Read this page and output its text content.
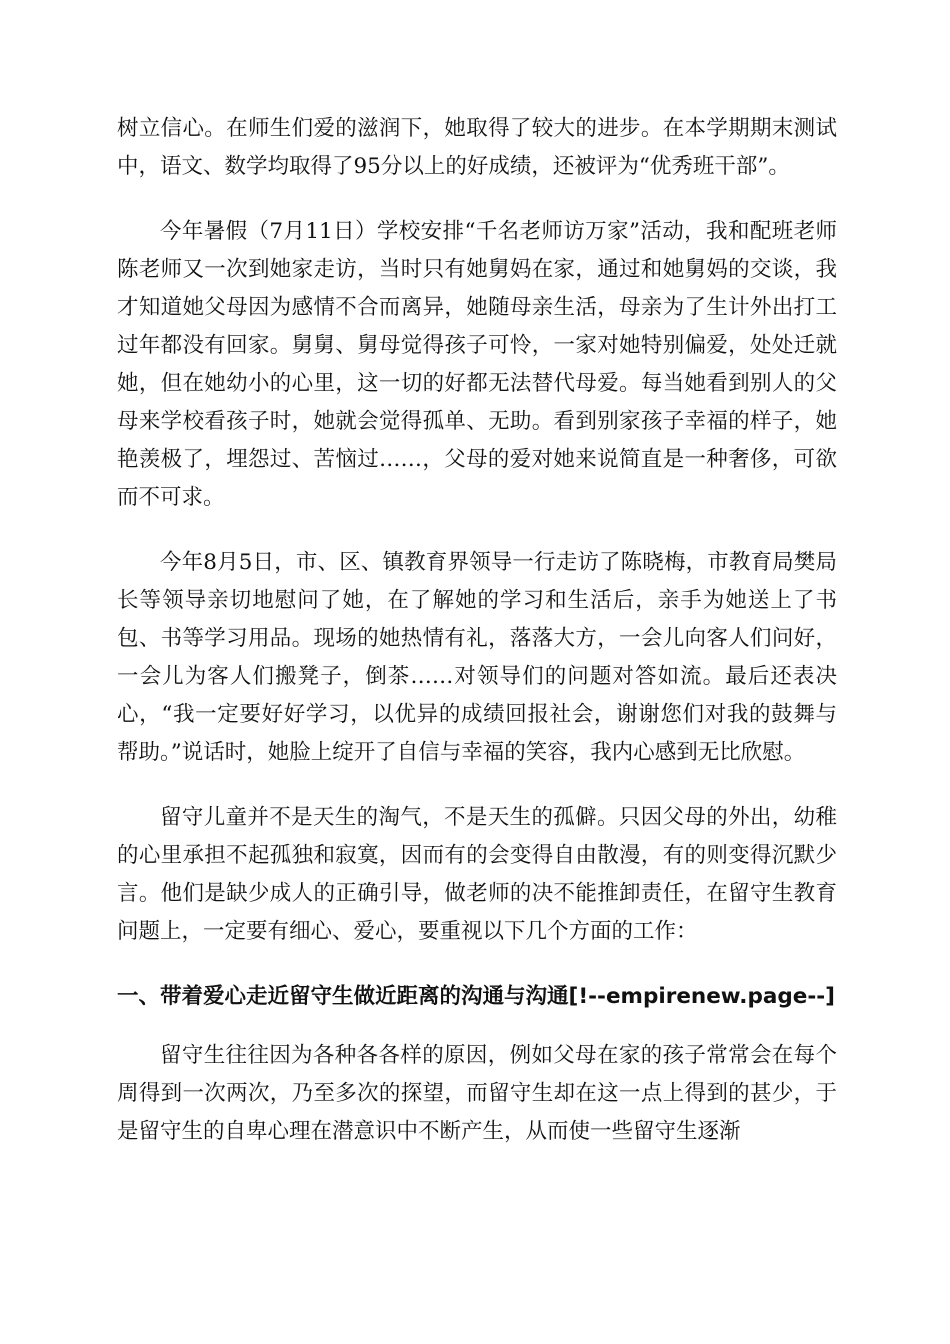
树立信心。在师生们爱的滋润下，她取得了较大的进步。在本学期期末测试中，语文、数学均取得了95分以上的好成绩，还被评为“优秀班干部”。

今年暑假（7月11日）学校安排“千名老师访万家”活动，我和配班老师陈老师又一次到她家走访，当时只有她舅妈在家，通过和她舅妈的交谈，我才知道她父母因为感情不合而离异，她随母亲生活，母亲为了生计外出打工过年都没有回家。舅舅、舅母觉得孩子可怜，一家对她特别偏爱，处处迁就她，但在她幼小的心里，这一切的好都无法替代母爱。每当她看到别人的父母来学校看孩子时，她就会觉得孤单、无助。看到别家孩子幸福的样子，她艳羡极了，埋怨过、苦恼过……，父母的爱对她来说简直是一种奢侈，可欲而不可求。

今年8月5日，市、区、镇教育界领导一行走访了陈晓梅，市教育局樊局长等领导亲切地慰问了她，在了解她的学习和生活后，亲手为她送上了书包、书等学习用品。现场的她热情有礼，落落大方，一会儿向客人们问好，一会儿为客人们搬凳子，倒茶……对领导们的问题对答如流。最后还表决心，“我一定要好好学习，以优异的成绩回报社会，谢谢您们对我的鼓舞与帮助。”说话时，她脸上绽开了自信与幸福的笑容，我内心感到无比欣慰。

留守儿童并不是天生的淘气，不是天生的孤僻。只因父母的外出，幼稚的心里承担不起孤独和寂寞，因而有的会变得自由散漫，有的则变得沉默少言。他们是缺少成人的正确引导，做老师的决不能推卸责任，在留守生教育问题上，一定要有细心、爱心，要重视以下几个方面的工作：

一、带着爱心走近留守生做近距离的沟通与沟通[!--empirenew.page--]

留守生往往因为各种各各样的原因，例如父母在家的孩子常常会在每个周得到一次两次，乃至多次的探望，而留守生却在这一点上得到的甚少，于是留守生的自卑心理在潜意识中不断产生，从而使一些留守生逐渐
